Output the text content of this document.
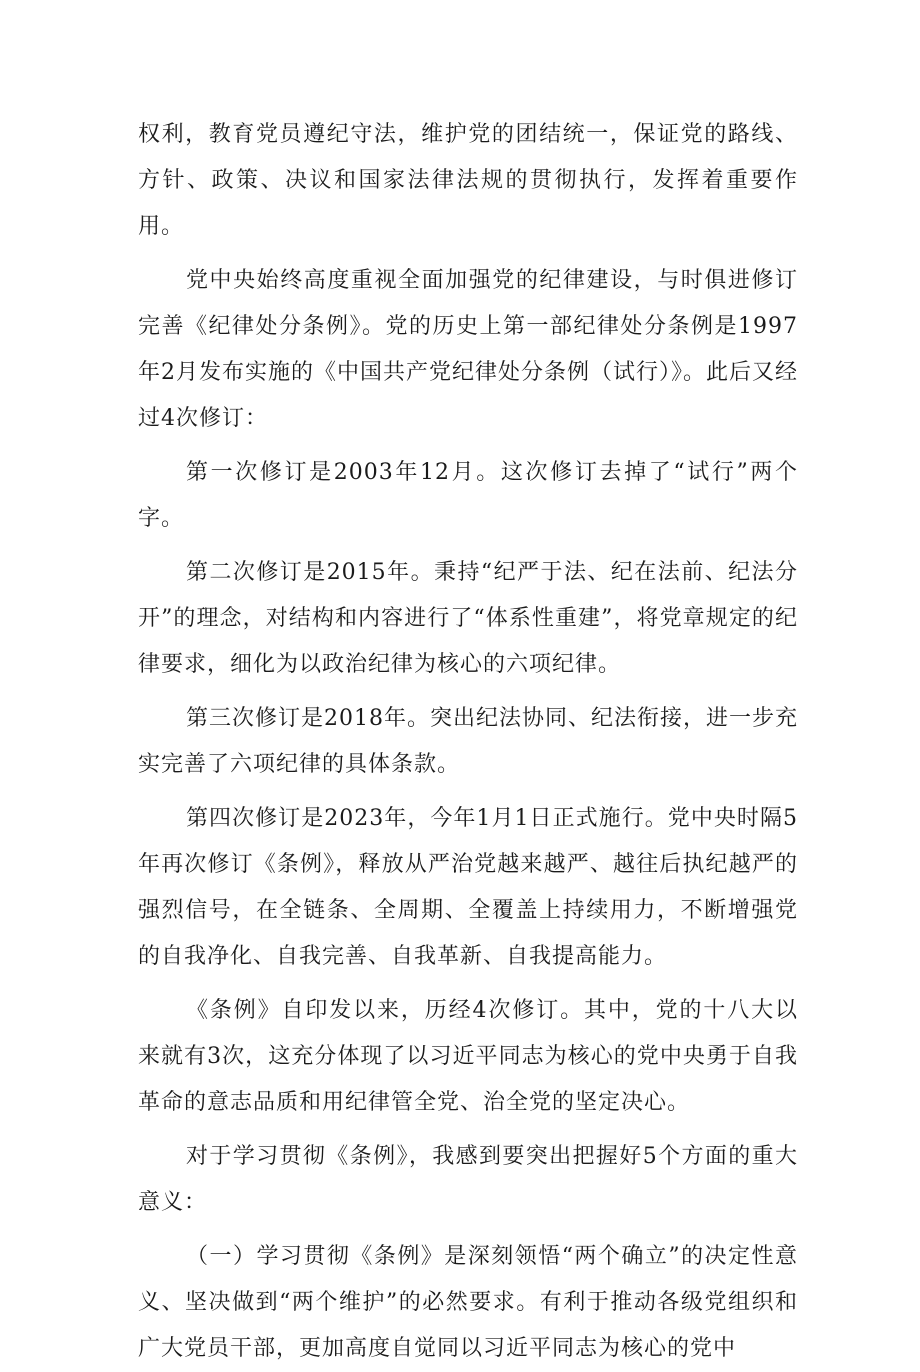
权利，教育党员遵纪守法，维护党的团结统一，保证党的路线、方针、政策、决议和国家法律法规的贯彻执行，发挥着重要作用。

党中央始终高度重视全面加强党的纪律建设，与时俱进修订完善《纪律处分条例》。党的历史上第一部纪律处分条例是1997年2月发布实施的《中国共产党纪律处分条例（试行）》。此后又经过4次修订：

第一次修订是2003年12月。这次修订去掉了“试行”两个字。

第二次修订是2015年。秉持“纪严于法、纪在法前、纪法分开”的理念，对结构和内容进行了“体系性重建”，将党章规定的纪律要求，细化为以政治纪律为核心的六项纪律。

第三次修订是2018年。突出纪法协同、纪法衔接，进一步充实完善了六项纪律的具体条款。

第四次修订是2023年，今年1月1日正式施行。党中央时隔5年再次修订《条例》，释放从严治党越来越严、越往后执纪越严的强烈信号，在全链条、全周期、全覆盖上持续用力，不断增强党的自我净化、自我完善、自我革新、自我提高能力。

《条例》自印发以来，历经4次修订。其中，党的十八大以来就有3次，这充分体现了以习近平同志为核心的党中央勇于自我革命的意志品质和用纪律管全党、治全党的坚定决心。

对于学习贯彻《条例》，我感到要突出把握好5个方面的重大意义：

（一）学习贯彻《条例》是深刻领悟“两个确立”的决定性意义、坚决做到“两个维护”的必然要求。有利于推动各级党组织和广大党员干部，更加高度自觉同以习近平同志为核心的党中
